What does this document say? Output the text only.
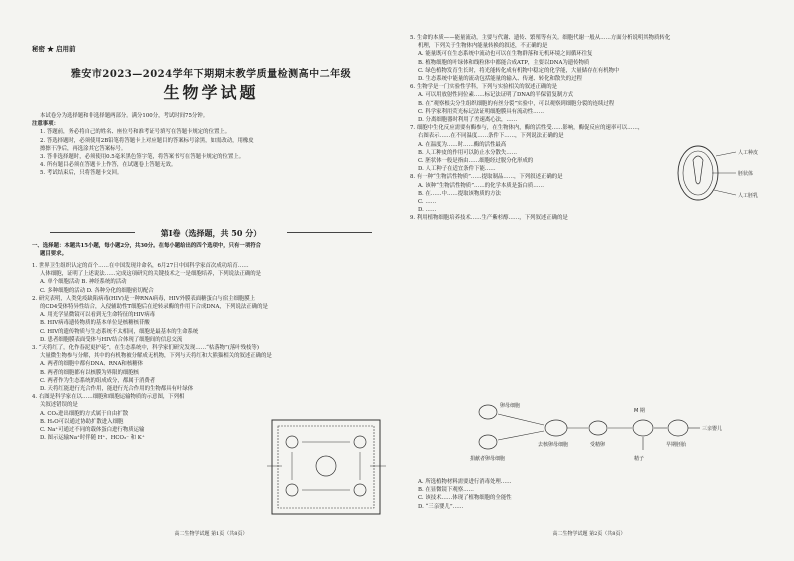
秘密 ★ 启用前
雅安市2023—2024学年下期期末教学质量检测高中二年级
生物学试题

本试卷分为选择题和非选择题两部分。满分100分，考试时间75分钟。

注意事项：

1. 答题前，务必将自己的姓名、座位号和准考证号填写在答题卡规定的位置上。

2. 答选择题时，必须使用2B铅笔将答题卡上对应题目的答案标号涂黑，如需改动，用橡皮

擦擦干净后，再选涂其它答案标号。

3. 答非选择题时，必须使用0.5毫米黑色签字笔，将答案书写在答题卡规定的位置上。

4. 所有题目必须在答题卡上作答，在试题卷上答题无效。

5. 考试结束后，只将答题卡交回。

第Ⅰ卷（选择题，共 50 分）

一、选择题：本题共15小题，每小题2分，共30分。在每小题给出的四个选项中，只有一项符合

题目要求。

1. 世界卫生组织认定的首个……在中国发现并命名，6月27日中国科学家首次成功培育……

人体细胞，证明了上述说法……完成这项研究的关键技术之一是细胞培养，下列说法正确的是

A. 单个细胞活动 B. 神经系统的活动

C. 多种细胞的活动 D. 各种分化的细胞密切配合

2. 研究表明，人类免疫缺陷病毒(HIV)是一种RNA病毒，HIV外膜表面糖蛋白与宿主细胞膜上

的CD4受体特异性结合，入侵辅助性T细胞后在逆转录酶的作用下合成DNA，下列说法正确的是

A. 用光学显微镜可以看到无生命特征的HIV病毒

B. HIV病毒遗传物质的基本单位是核糖核苷酸

C. HIV的遗传物质与生态系统不太相同，细胞是最基本的生命系统

D. 患者细胞膜表面受体与HIV结合体现了细胞间的信息交流

3. “天将红了，化作春泥更护花”，在生态系统中，科学家们研究发现……“枯落物”(落叶残枝等)

大量微生物参与分解，其中的有机物被分解成无机物，下列与天将红和大熊猫相关的叙述正确的是

A. 两者的细胞中都有DNA、RNA和核糖体

B. 两者的细胞都有以核膜为界限的细胞核

C. 两者作为生态系统的组成成分，都属于消费者

D. 天将红能进行光合作用，能进行光合作用的生物都具有叶绿体

4. 右图是科学家在以……细胞和细胞运输物质的示意图，下列相

关叙述错误的是

A. CO₂进出细胞的方式属于自由扩散

B. H₂O可以通过协助扩散进入细胞

C. Na⁺可通过不同的载体蛋白进行物质运输

D. 图示运输Na⁺时伴随 H⁺、HCO₃⁻ 和 K⁺

高二生物学试题 第1页（共8页）

5. 生命的本质——能量流动，主要与代谢、遗传、繁殖等有关。细胞代谢一般从……方面分析说明其物质转化

机理，下列关于生物体内能量转换的叙述，不正确的是

A. 能量既可在生态系统中流动也可以在生物群落和无机环境之间循环往复

B. 植物细胞的叶绿体和线粒体中都能合成ATP，主要以DNA为遗传物质

C. 绿色植物发育生长时，将光能转化成有机物中稳定的化学能，大量储存在有机物中

D. 生态系统中能量的流动包括能量的输入、传递、转化和散失的过程

6. 生物学是一门实验性学科，下列与实验相关的叙述正确的是

A. 可以用放射性同位素……标记法证明了DNA的半保留复制方式

B. 在“观察根尖分生组织细胞的有丝分裂”实验中，可以观察到细胞分裂的连续过程

C. 科学家利用荧光标记法证明细胞膜具有流动性……

D. 分离细胞器时利用了差速离心法，……

7. 细胞中生化反应需要有酶参与，在生物体内，酶的活性受……影响，酶促反应的速率可以……，

右图表示……在不同温度……条件下……，下列说法正确的是

A. 在温度为……时……酶的活性最高

B. 人工种皮的作用可以防止水分散失……

C. 胚状体一般是指由……细胞经过脱分化形成的

D. 人工种子在适宜条件下能……

8. 有一种“生物活性物质”……提取制品……，下列叙述正确的是

A. 该种“生物活性物质”……的化学本质是蛋白质……

B. 在……中……提取该物质的方法

C. ……

D. ……

9. 利用植物细胞培养技术……生产紫杉醇……，下列叙述正确的是

人工种皮
胚状体
人工胚乳
卵母细胞
捐献者卵母细胞
去核卵母细胞
精子
M 期
受精卵	早期胚胎
三亲婴儿

A. 所选植物材料需要进行消毒处理……

B. 在显微镜下观察……

C. 该技术……体现了植物细胞的全能性

D. “三亲婴儿”……

高二生物学试题 第2页（共8页）
